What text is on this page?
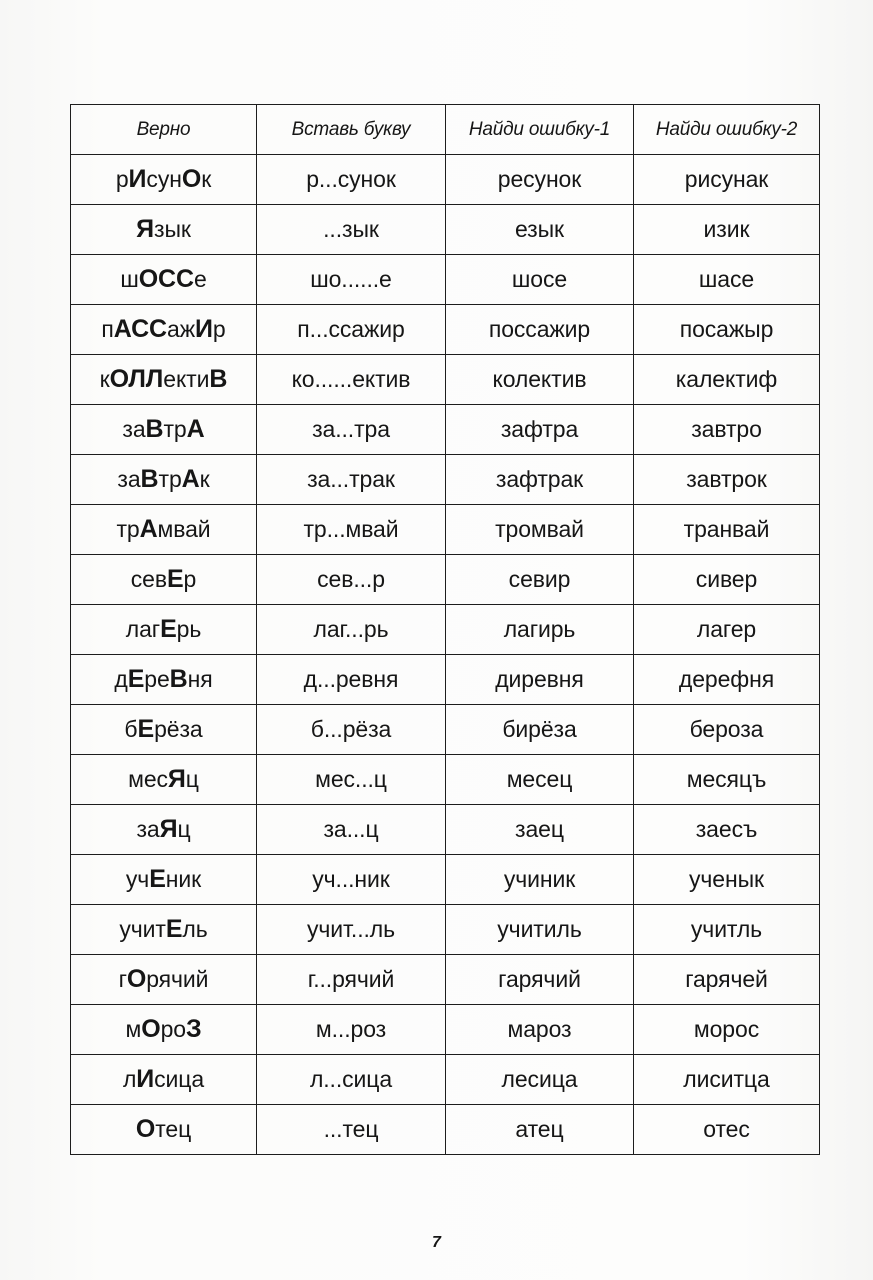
Верно	Вставь букву	Найди ошибку-1	Найди ошибку-2
рИсунОк	р...сунок	ресунок	рисунак
Язык	...зык	езык	изик
шОССе	шо......е	шосе	шасе
пАССажИр	п...ссажир	поссажир	посажыр
кОЛЛектиВ	ко......ектив	колектив	калектиф
заВтрА	за...тра	зафтра	завтро
заВтрАк	за...трак	зафтрак	завтрок
трАмвай	тр...мвай	тромвай	транвай
севЕр	сев...р	севир	сивер
лагЕрь	лаг...рь	лагирь	лагер
дЕреВня	д...ревня	диревня	дерефня
бЕрёза	б...рёза	бирёза	бероза
месЯц	мес...ц	месец	месяцъ
заЯц	за...ц	заец	заесъ
учЕник	уч...ник	учиник	ученык
учитЕль	учит...ль	учитиль	учитль
гОрячий	г...рячий	гарячий	гарячей
мОроЗ	м...роз	мароз	морос
лИсица	л...сица	лесица	лиситца
Отец	...тец	атец	отес
7
